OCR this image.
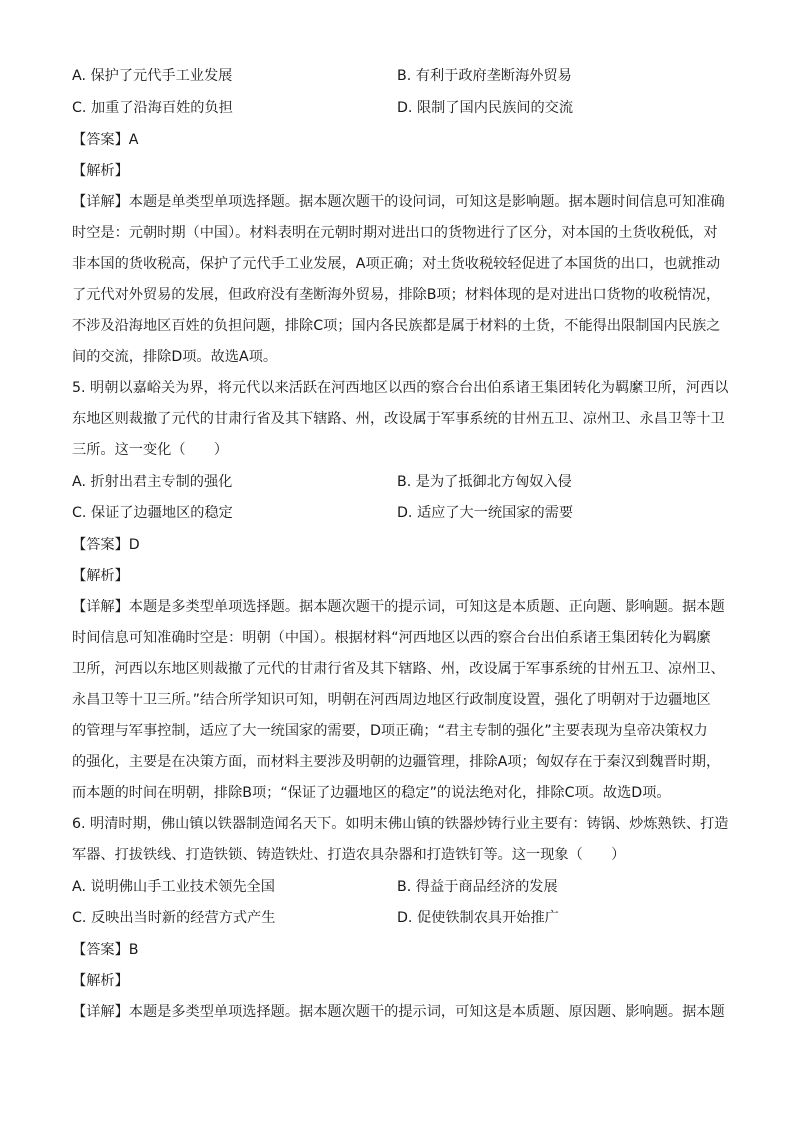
A. 保护了元代手工业发展	B. 有利于政府垄断海外贸易
C. 加重了沿海百姓的负担	D. 限制了国内民族间的交流
【答案】A
【解析】
【详解】本题是单类型单项选择题。据本题次题干的设问词，可知这是影响题。据本题时间信息可知准确
时空是：元朝时期（中国）。材料表明在元朝时期对进出口的货物进行了区分，对本国的土货收税低，对
非本国的货收税高，保护了元代手工业发展，A项正确；对土货收税较轻促进了本国货的出口，也就推动
了元代对外贸易的发展，但政府没有垄断海外贸易，排除B项；材料体现的是对进出口货物的收税情况，
不涉及沿海地区百姓的负担问题，排除C项；国内各民族都是属于材料的土货，不能得出限制国内民族之
间的交流，排除D项。故选A项。
5. 明朝以嘉峪关为界，将元代以来活跃在河西地区以西的察合台出伯系诸王集团转化为羁縻卫所，河西以
东地区则裁撤了元代的甘肃行省及其下辖路、州，改设属于军事系统的甘州五卫、凉州卫、永昌卫等十卫
三所。这一变化（　　）
A. 折射出君主专制的强化	B. 是为了抵御北方匈奴入侵
C. 保证了边疆地区的稳定	D. 适应了大一统国家的需要
【答案】D
【解析】
【详解】本题是多类型单项选择题。据本题次题干的提示词，可知这是本质题、正向题、影响题。据本题
时间信息可知准确时空是：明朝（中国）。根据材料“河西地区以西的察合台出伯系诸王集团转化为羁縻
卫所，河西以东地区则裁撤了元代的甘肃行省及其下辖路、州，改设属于军事系统的甘州五卫、凉州卫、
永昌卫等十卫三所。”结合所学知识可知，明朝在河西周边地区行政制度设置，强化了明朝对于边疆地区
的管理与军事控制，适应了大一统国家的需要，D项正确；“君主专制的强化”主要表现为皇帝决策权力
的强化，主要是在决策方面，而材料主要涉及明朝的边疆管理，排除A项；匈奴存在于秦汉到魏晋时期，
而本题的时间在明朝，排除B项；“保证了边疆地区的稳定”的说法绝对化，排除C项。故选D项。
6. 明清时期，佛山镇以铁器制造闻名天下。如明末佛山镇的铁器炒铸行业主要有：铸锅、炒炼熟铁、打造
军器、打拔铁线、打造铁锁、铸造铁灶、打造农具杂器和打造铁钉等。这一现象（　　）
A. 说明佛山手工业技术领先全国	B. 得益于商品经济的发展
C. 反映出当时新的经营方式产生	D. 促使铁制农具开始推广
【答案】B
【解析】
【详解】本题是多类型单项选择题。据本题次题干的提示词，可知这是本质题、原因题、影响题。据本题
